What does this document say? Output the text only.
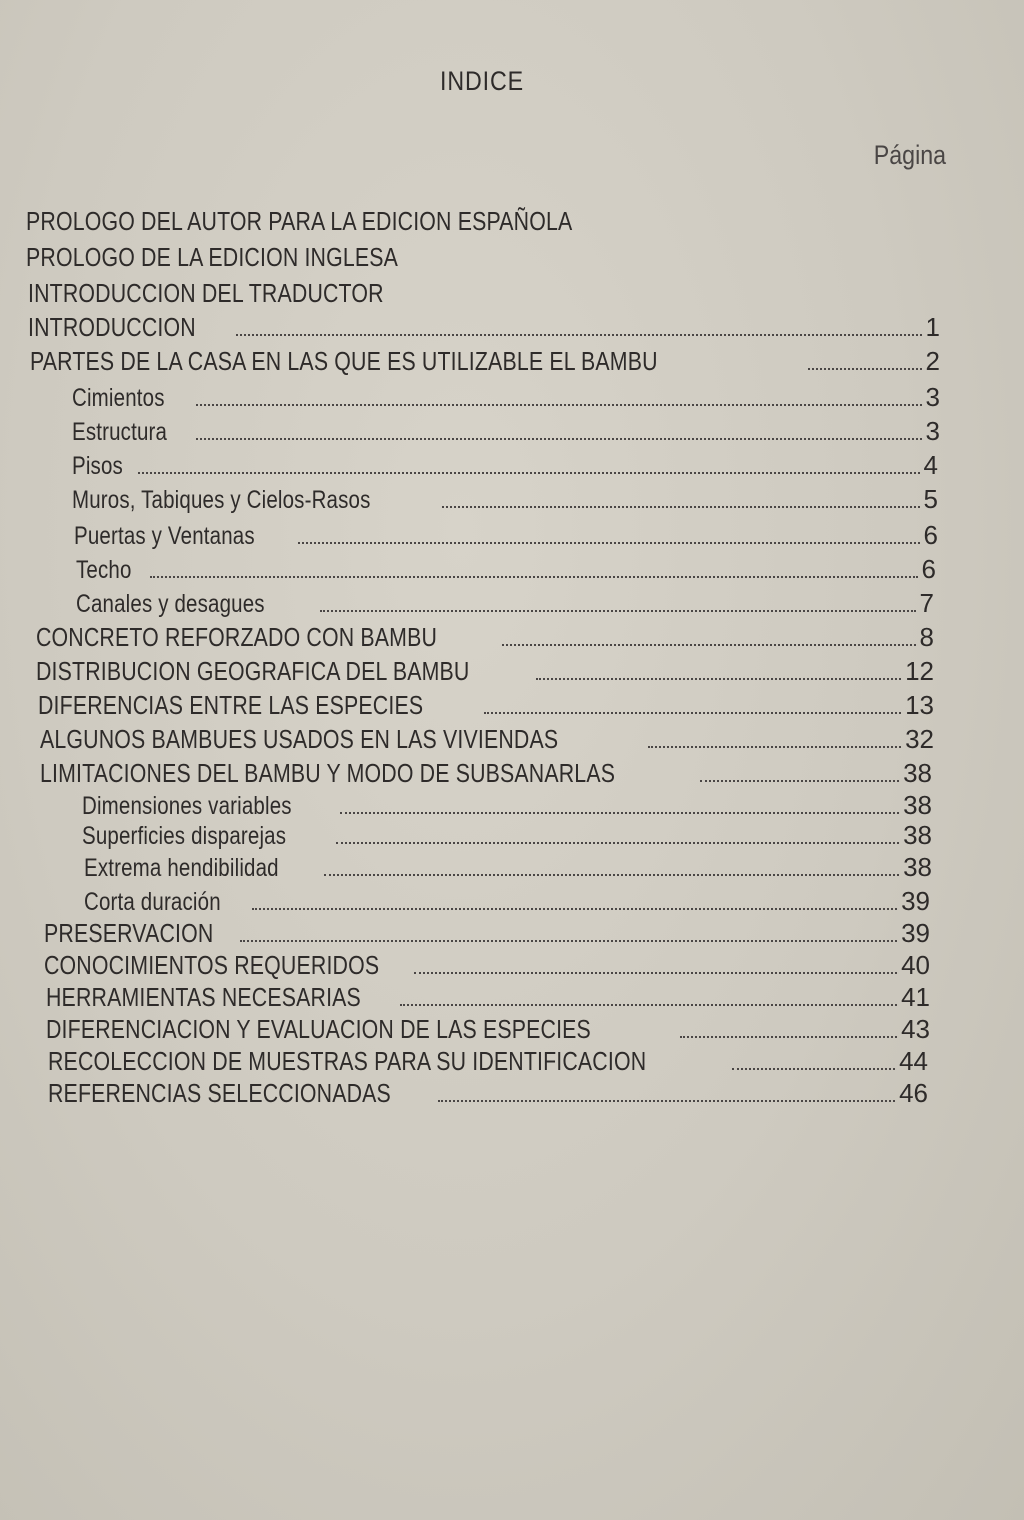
INDICE
Página
PROLOGO DEL AUTOR PARA LA EDICION ESPAÑOLA
PROLOGO DE LA EDICION INGLESA
INTRODUCCION DEL TRADUCTOR
INTRODUCCION	1
PARTES DE LA CASA EN LAS QUE ES UTILIZABLE EL BAMBU	2
Cimientos	3
Estructura	3
Pisos	4
Muros, Tabiques y Cielos-Rasos	5
Puertas y Ventanas	6
Techo	6
Canales y desagues	7
CONCRETO REFORZADO CON BAMBU	8
DISTRIBUCION GEOGRAFICA DEL BAMBU	12
DIFERENCIAS ENTRE LAS ESPECIES	13
ALGUNOS BAMBUES USADOS EN LAS VIVIENDAS	32
LIMITACIONES DEL BAMBU Y MODO DE SUBSANARLAS	38
Dimensiones variables	38
Superficies disparejas	38
Extrema hendibilidad	38
Corta duración	39
PRESERVACION	39
CONOCIMIENTOS REQUERIDOS	40
HERRAMIENTAS NECESARIAS	41
DIFERENCIACION Y EVALUACION DE LAS ESPECIES	43
RECOLECCION DE MUESTRAS PARA SU IDENTIFICACION	44
REFERENCIAS SELECCIONADAS	46
